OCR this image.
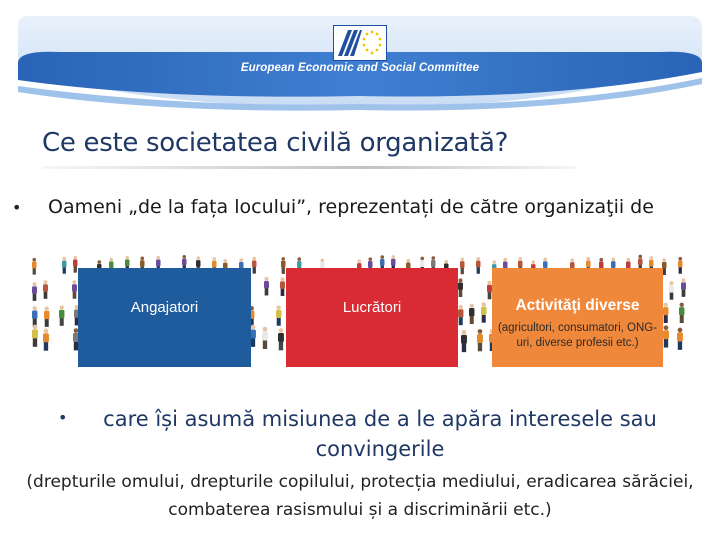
European Economic and Social Committee
Ce este societatea civilă organizată?
• Oameni „de la fața locului”, reprezentați de către organizaţii de
Angajatori	Lucrători	Activităţi diverse
(agricultori, consumatori, ONG-uri, diverse profesii etc.)
•	care își asumă misiunea de a le apăra interesele sau convingerile
(drepturile omului, drepturile copilului, protecția mediului, eradicarea sărăciei, combaterea rasismului și a discriminării etc.)
